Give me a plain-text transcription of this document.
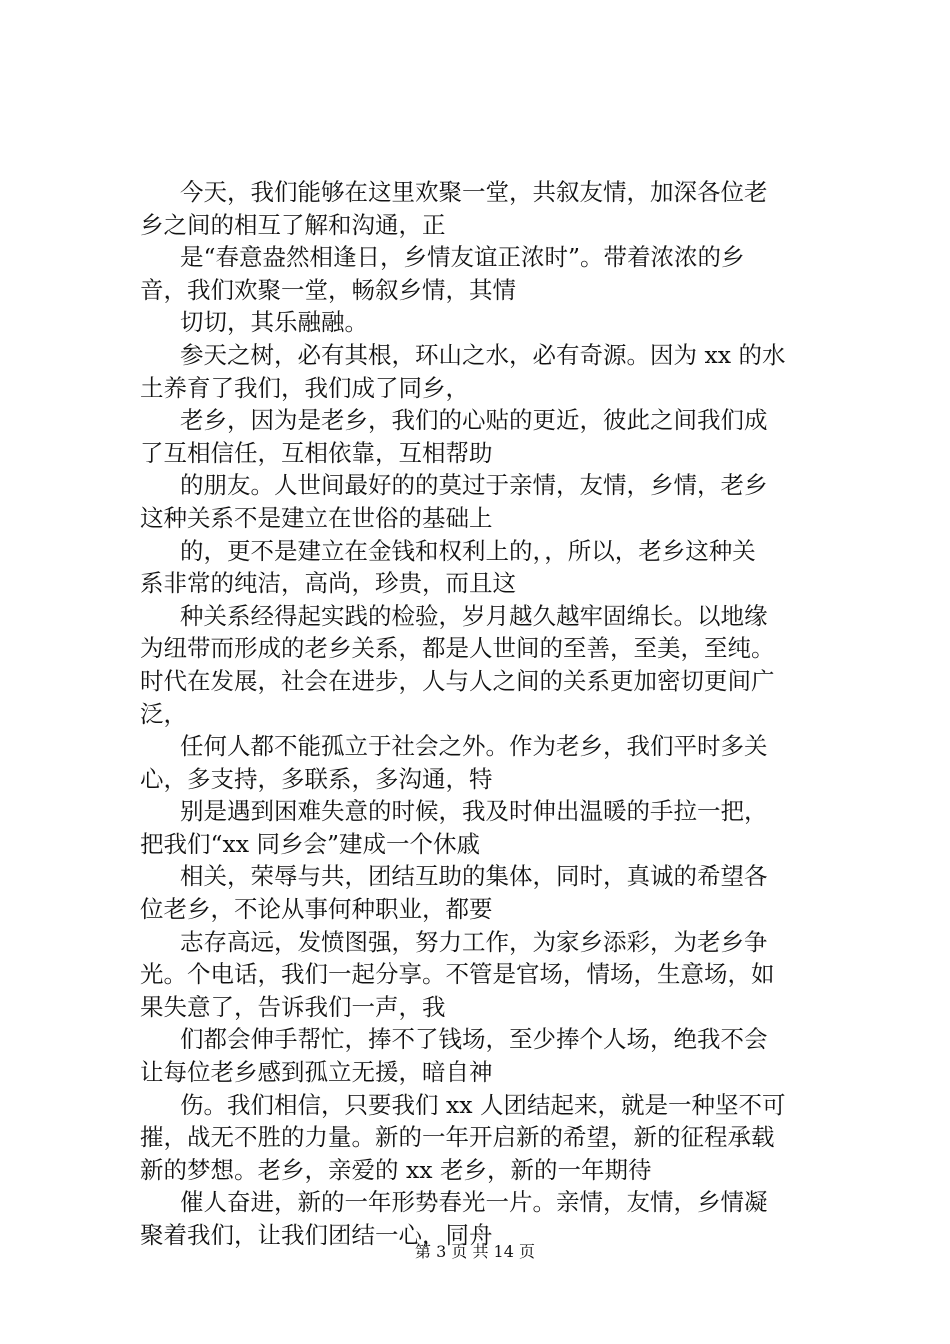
今天，我们能够在这里欢聚一堂，共叙友情，加深各位老
乡之间的相互了解和沟通，正
是“春意盎然相逢日，乡情友谊正浓时”。带着浓浓的乡
音，我们欢聚一堂，畅叙乡情，其情
切切，其乐融融。
参天之树，必有其根，环山之水，必有奇源。因为 xx 的水
土养育了我们，我们成了同乡，
老乡，因为是老乡，我们的心贴的更近，彼此之间我们成
了互相信任，互相依靠，互相帮助
的朋友。人世间最好的的莫过于亲情，友情，乡情，老乡
这种关系不是建立在世俗的基础上
的，更不是建立在金钱和权利上的，，所以，老乡这种关
系非常的纯洁，高尚，珍贵，而且这
种关系经得起实践的检验，岁月越久越牢固绵长。以地缘
为纽带而形成的老乡关系，都是人世间的至善，至美，至纯。
时代在发展，社会在进步，人与人之间的关系更加密切更间广
泛，
任何人都不能孤立于社会之外。作为老乡，我们平时多关
心，多支持，多联系，多沟通，特
别是遇到困难失意的时候，我及时伸出温暖的手拉一把，
把我们“xx 同乡会”建成一个休戚
相关，荣辱与共，团结互助的集体，同时，真诚的希望各
位老乡，不论从事何种职业，都要
志存高远，发愤图强，努力工作，为家乡添彩，为老乡争
光。个电话，我们一起分享。不管是官场，情场，生意场，如
果失意了，告诉我们一声，我
们都会伸手帮忙，捧不了钱场，至少捧个人场，绝我不会
让每位老乡感到孤立无援，暗自神
伤。我们相信，只要我们 xx 人团结起来，就是一种坚不可
摧，战无不胜的力量。新的一年开启新的希望，新的征程承载
新的梦想。老乡，亲爱的 xx 老乡，新的一年期待
催人奋进，新的一年形势春光一片。亲情，友情，乡情凝
聚着我们，让我们团结一心，同舟
第 3 页 共 14 页
